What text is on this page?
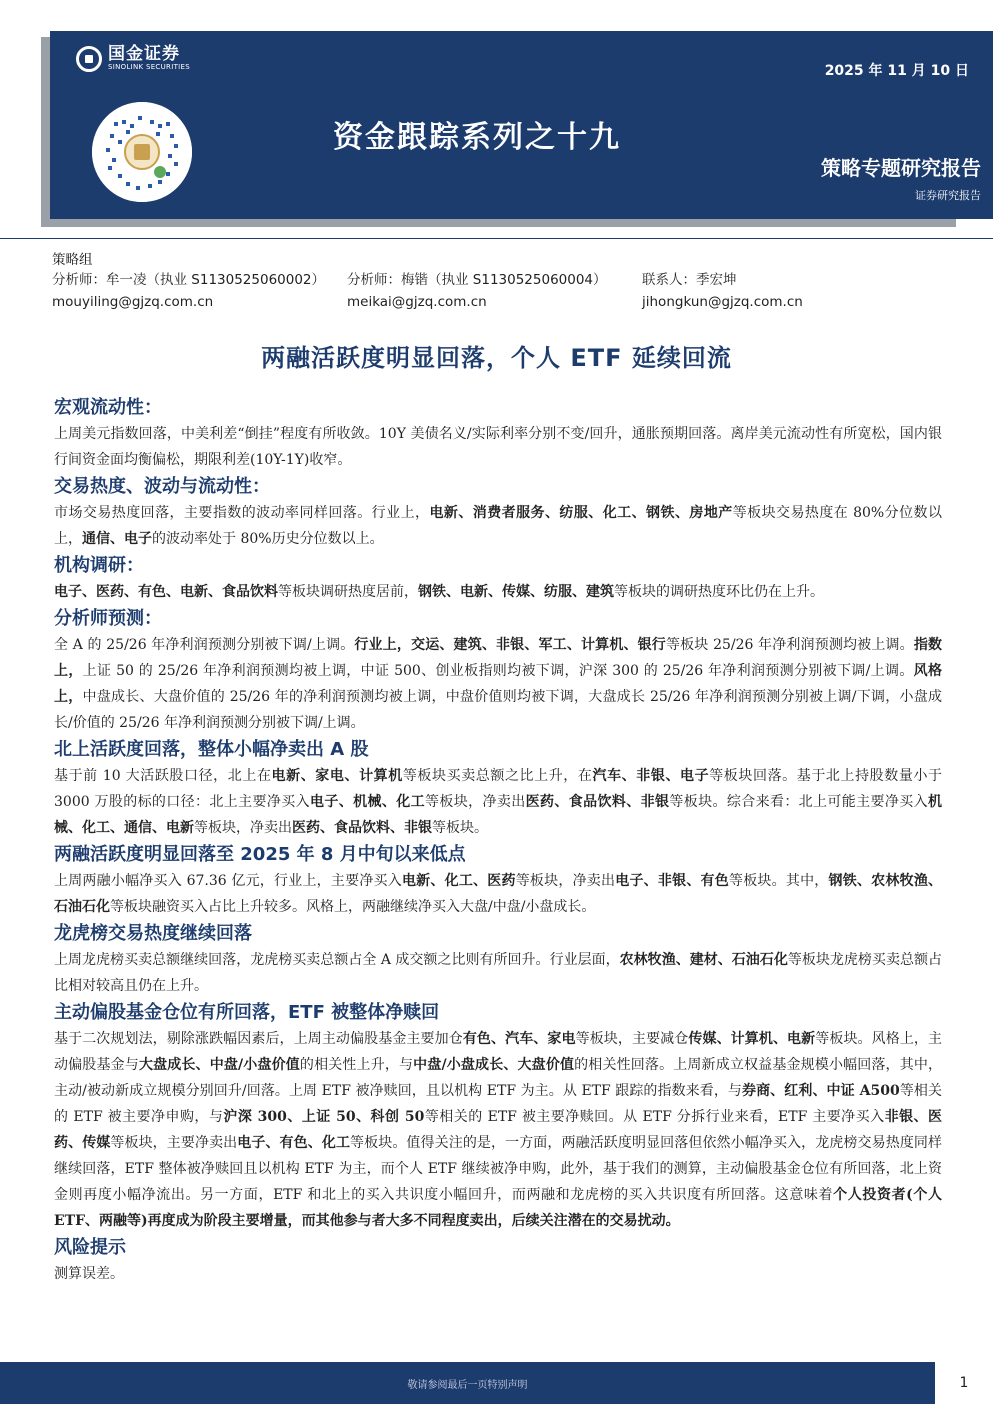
国金证券
SINOLINK SECURITIES	2025 年 11 月 10 日
资金跟踪系列之十九
策略专题研究报告
证券研究报告
策略组
分析师：牟一凌（执业 S1130525060002）
mouyiling@gjzq.com.cn
分析师：梅锴（执业 S1130525060004）
meikai@gjzq.com.cn
联系人：季宏坤
jihongkun@gjzq.com.cn
两融活跃度明显回落，个人 ETF 延续回流
宏观流动性：
上周美元指数回落，中美利差“倒挂”程度有所收敛。10Y 美债名义/实际利率分别不变/回升，通胀预期回落。离岸美元流动性有所宽松，国内银行间资金面均衡偏松，期限利差(10Y-1Y)收窄。
交易热度、波动与流动性：
市场交易热度回落，主要指数的波动率同样回落。行业上，电新、消费者服务、纺服、化工、钢铁、房地产等板块交易热度在 80%分位数以上，通信、电子的波动率处于 80%历史分位数以上。
机构调研：
电子、医药、有色、电新、食品饮料等板块调研热度居前，钢铁、电新、传媒、纺服、建筑等板块的调研热度环比仍在上升。
分析师预测：
全 A 的 25/26 年净利润预测分别被下调/上调。行业上，交运、建筑、非银、军工、计算机、银行等板块 25/26 年净利润预测均被上调。指数上，上证 50 的 25/26 年净利润预测均被上调，中证 500、创业板指则均被下调，沪深 300 的 25/26 年净利润预测分别被下调/上调。风格上，中盘成长、大盘价值的 25/26 年的净利润预测均被上调，中盘价值则均被下调，大盘成长 25/26 年净利润预测分别被上调/下调，小盘成长/价值的 25/26 年净利润预测分别被下调/上调。
北上活跃度回落，整体小幅净卖出 A 股
基于前 10 大活跃股口径，北上在电新、家电、计算机等板块买卖总额之比上升，在汽车、非银、电子等板块回落。基于北上持股数量小于 3000 万股的标的口径：北上主要净买入电子、机械、化工等板块，净卖出医药、食品饮料、非银等板块。综合来看：北上可能主要净买入机械、化工、通信、电新等板块，净卖出医药、食品饮料、非银等板块。
两融活跃度明显回落至 2025 年 8 月中旬以来低点
上周两融小幅净买入 67.36 亿元，行业上，主要净买入电新、化工、医药等板块，净卖出电子、非银、有色等板块。其中，钢铁、农林牧渔、石油石化等板块融资买入占比上升较多。风格上，两融继续净买入大盘/中盘/小盘成长。
龙虎榜交易热度继续回落
上周龙虎榜买卖总额继续回落，龙虎榜买卖总额占全 A 成交额之比则有所回升。行业层面，农林牧渔、建材、石油石化等板块龙虎榜买卖总额占比相对较高且仍在上升。
主动偏股基金仓位有所回落，ETF 被整体净赎回
基于二次规划法，剔除涨跌幅因素后，上周主动偏股基金主要加仓有色、汽车、家电等板块，主要减仓传媒、计算机、电新等板块。风格上，主动偏股基金与大盘成长、中盘/小盘价值的相关性上升，与中盘/小盘成长、大盘价值的相关性回落。上周新成立权益基金规模小幅回落，其中，主动/被动新成立规模分别回升/回落。上周 ETF 被净赎回，且以机构 ETF 为主。从 ETF 跟踪的指数来看，与券商、红利、中证 A500等相关的 ETF 被主要净申购，与沪深 300、上证 50、科创 50等相关的 ETF 被主要净赎回。从 ETF 分拆行业来看，ETF 主要净买入非银、医药、传媒等板块，主要净卖出电子、有色、化工等板块。值得关注的是，一方面，两融活跃度明显回落但依然小幅净买入，龙虎榜交易热度同样继续回落，ETF 整体被净赎回且以机构 ETF 为主，而个人 ETF 继续被净申购，此外，基于我们的测算，主动偏股基金仓位有所回落，北上资金则再度小幅净流出。另一方面，ETF 和北上的买入共识度小幅回升，而两融和龙虎榜的买入共识度有所回落。这意味着个人投资者(个人 ETF、两融等)再度成为阶段主要增量，而其他参与者大多不同程度卖出，后续关注潜在的交易扰动。
风险提示
测算误差。
敬请参阅最后一页特别声明	1
